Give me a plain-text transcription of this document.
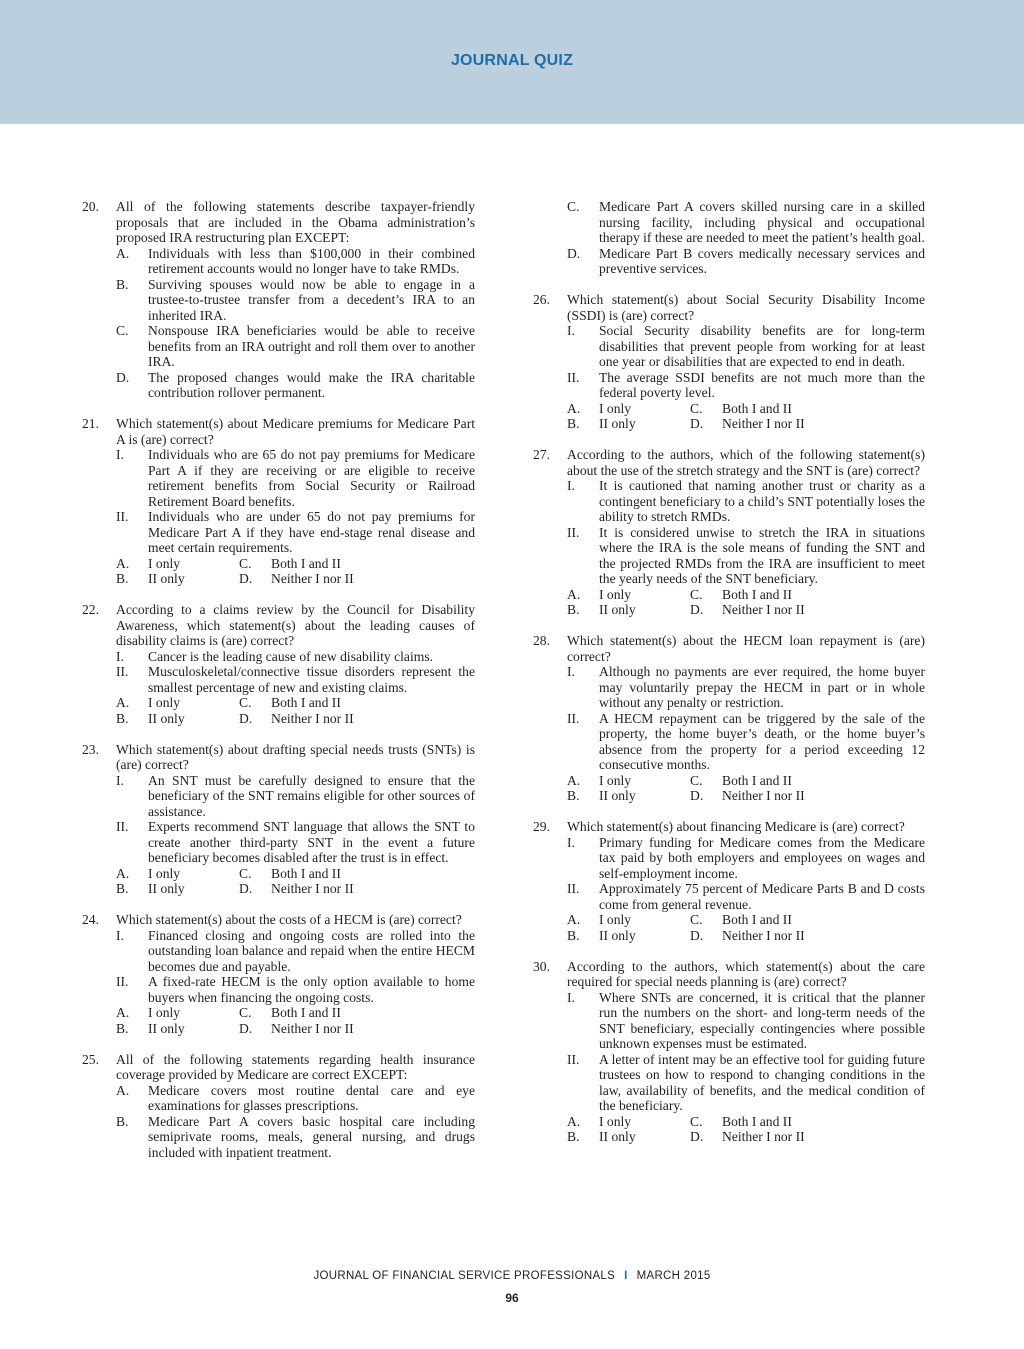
JOURNAL QUIZ
20.	All of the following statements describe taxpayer-friendly proposals that are included in the Obama administration’s proposed IRA restructuring plan EXCEPT:
A.	Individuals with less than $100,000 in their combined retirement accounts would no longer have to take RMDs.
B.	Surviving spouses would now be able to engage in a trustee-to-trustee transfer from a decedent’s IRA to an inherited IRA.
C.	Nonspouse IRA beneficiaries would be able to receive benefits from an IRA outright and roll them over to another IRA.
D.	The proposed changes would make the IRA charitable contribution rollover permanent.
21.	Which statement(s) about Medicare premiums for Medicare Part A is (are) correct?
I.	Individuals who are 65 do not pay premiums for Medicare Part A if they are receiving or are eligible to receive retirement benefits from Social Security or Railroad Retirement Board benefits.
II.	Individuals who are under 65 do not pay premiums for Medicare Part A if they have end-stage renal disease and meet certain requirements.
A.	I only	C.	Both I and II
B.	II only	D.	Neither I nor II
22.	According to a claims review by the Council for Disability Awareness, which statement(s) about the leading causes of disability claims is (are) correct?
I.	Cancer is the leading cause of new disability claims.
II.	Musculoskeletal/connective tissue disorders represent the smallest percentage of new and existing claims.
A.	I only	C.	Both I and II
B.	II only	D.	Neither I nor II
23.	Which statement(s) about drafting special needs trusts (SNTs) is (are) correct?
I.	An SNT must be carefully designed to ensure that the beneficiary of the SNT remains eligible for other sources of assistance.
II.	Experts recommend SNT language that allows the SNT to create another third-party SNT in the event a future beneficiary becomes disabled after the trust is in effect.
A.	I only	C.	Both I and II
B.	II only	D.	Neither I nor II
24.	Which statement(s) about the costs of a HECM is (are) correct?
I.	Financed closing and ongoing costs are rolled into the outstanding loan balance and repaid when the entire HECM becomes due and payable.
II.	A fixed-rate HECM is the only option available to home buyers when financing the ongoing costs.
A.	I only	C.	Both I and II
B.	II only	D.	Neither I nor II
25.	All of the following statements regarding health insurance coverage provided by Medicare are correct EXCEPT:
A.	Medicare covers most routine dental care and eye examinations for glasses prescriptions.
B.	Medicare Part A covers basic hospital care including semiprivate rooms, meals, general nursing, and drugs included with inpatient treatment.
C.	Medicare Part A covers skilled nursing care in a skilled nursing facility, including physical and occupational therapy if these are needed to meet the patient’s health goal.
D.	Medicare Part B covers medically necessary services and preventive services.
26.	Which statement(s) about Social Security Disability Income (SSDI) is (are) correct?
I.	Social Security disability benefits are for long-term disabilities that prevent people from working for at least one year or disabilities that are expected to end in death.
II.	The average SSDI benefits are not much more than the federal poverty level.
A.	I only	C.	Both I and II
B.	II only	D.	Neither I nor II
27.	According to the authors, which of the following statement(s) about the use of the stretch strategy and the SNT is (are) correct?
I.	It is cautioned that naming another trust or charity as a contingent beneficiary to a child’s SNT potentially loses the ability to stretch RMDs.
II.	It is considered unwise to stretch the IRA in situations where the IRA is the sole means of funding the SNT and the projected RMDs from the IRA are insufficient to meet the yearly needs of the SNT beneficiary.
A.	I only	C.	Both I and II
B.	II only	D.	Neither I nor II
28.	Which statement(s) about the HECM loan repayment is (are) correct?
I.	Although no payments are ever required, the home buyer may voluntarily prepay the HECM in part or in whole without any penalty or restriction.
II.	A HECM repayment can be triggered by the sale of the property, the home buyer’s death, or the home buyer’s absence from the property for a period exceeding 12 consecutive months.
A.	I only	C.	Both I and II
B.	II only	D.	Neither I nor II
29.	Which statement(s) about financing Medicare is (are) correct?
I.	Primary funding for Medicare comes from the Medicare tax paid by both employers and employees on wages and self-employment income.
II.	Approximately 75 percent of Medicare Parts B and D costs come from general revenue.
A.	I only	C.	Both I and II
B.	II only	D.	Neither I nor II
30.	According to the authors, which statement(s) about the care required for special needs planning is (are) correct?
I.	Where SNTs are concerned, it is critical that the planner run the numbers on the short- and long-term needs of the SNT beneficiary, especially contingencies where possible unknown expenses must be estimated.
II.	A letter of intent may be an effective tool for guiding future trustees on how to respond to changing conditions in the law, availability of benefits, and the medical condition of the beneficiary.
A.	I only	C.	Both I and II
B.	II only	D.	Neither I nor II
JOURNAL OF FINANCIAL SERVICE PROFESSIONALS I MARCH 2015
96
